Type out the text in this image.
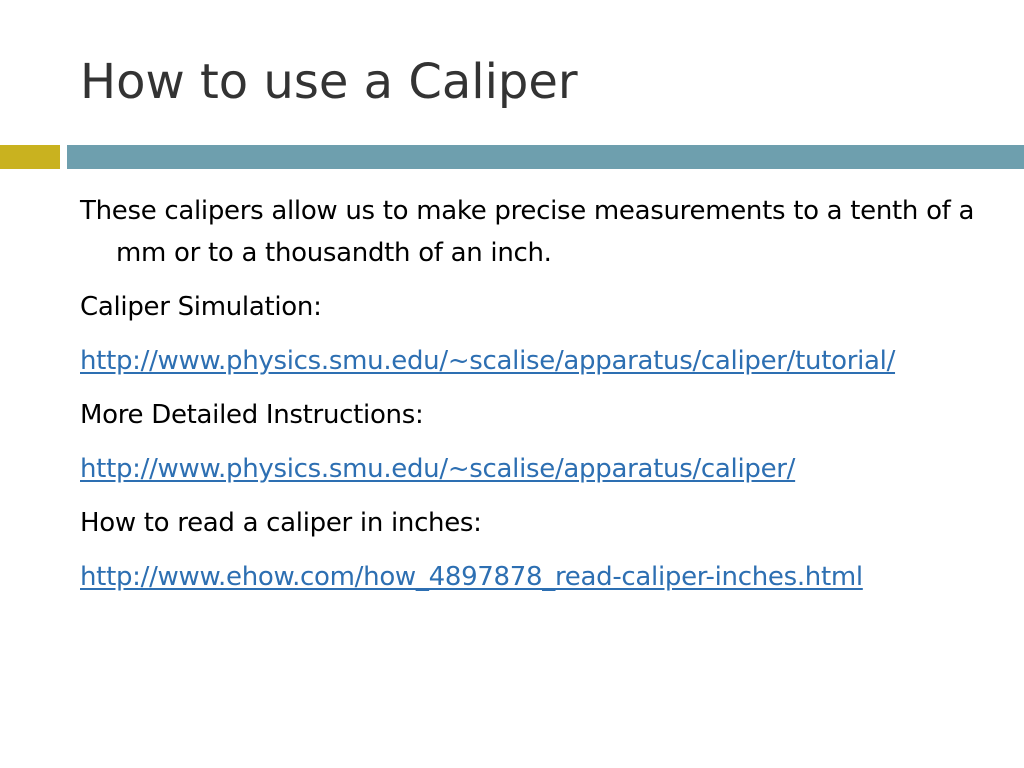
How to use a Caliper

These calipers allow us to make precise measurements to a tenth of a mm or to a thousandth of an inch.

Caliper Simulation:

http://www.physics.smu.edu/~scalise/apparatus/caliper/tutorial/

More Detailed Instructions:

http://www.physics.smu.edu/~scalise/apparatus/caliper/

How to read a caliper in inches:

http://www.ehow.com/how_4897878_read-caliper-inches.html
